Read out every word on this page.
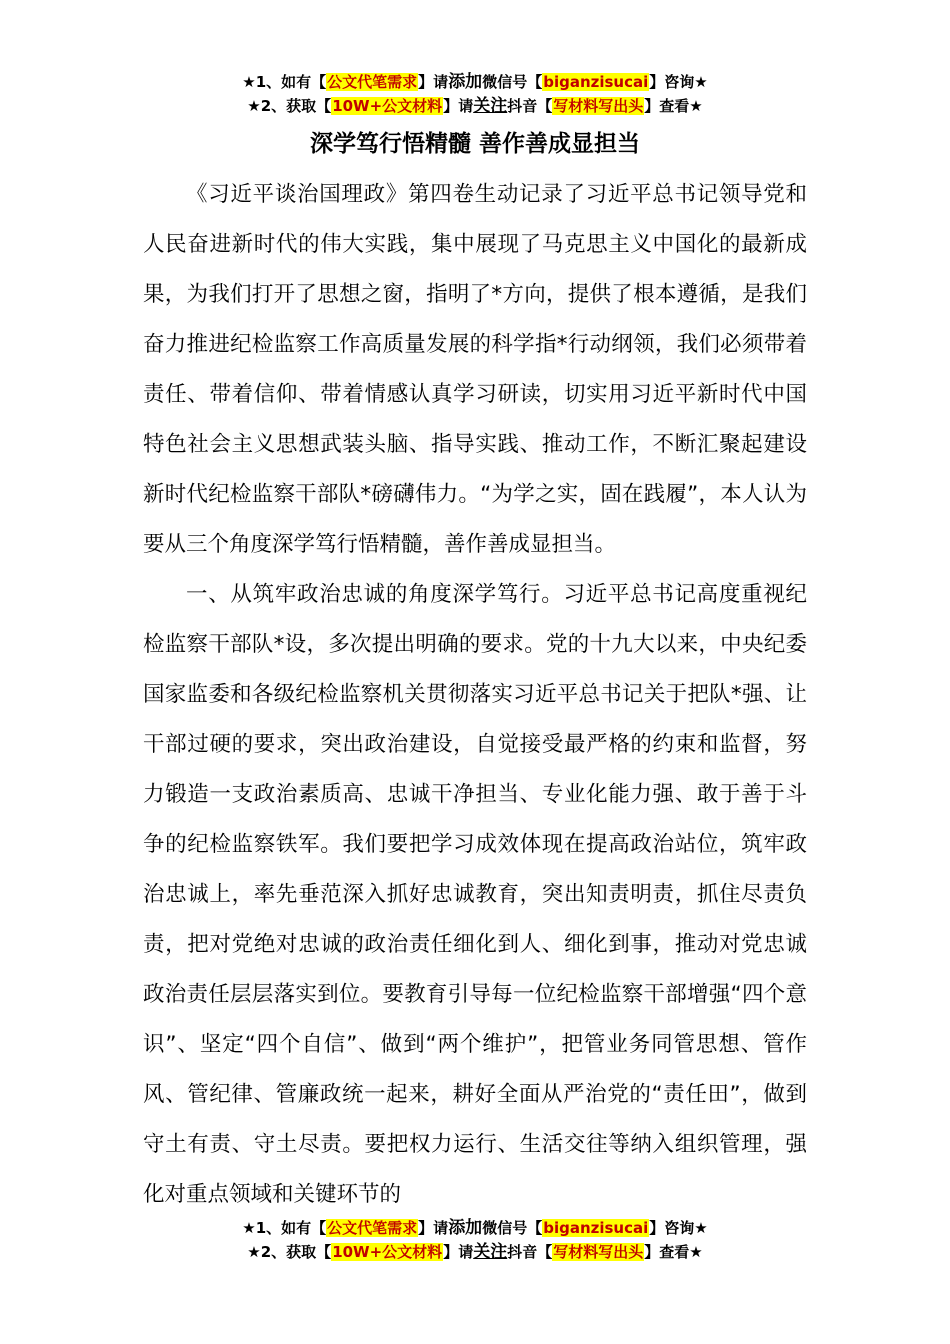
★1、如有【公文代笔需求】请添加微信号【biganzisucai】咨询★
★2、获取【10W+公文材料】请关注抖音【写材料写出头】查看★
深学笃行悟精髓 善作善成显担当

《习近平谈治国理政》第四卷生动记录了习近平总书记领导党和人民奋进新时代的伟大实践，集中展现了马克思主义中国化的最新成果，为我们打开了思想之窗，指明了*方向，提供了根本遵循，是我们奋力推进纪检监察工作高质量发展的科学指*行动纲领，我们必须带着责任、带着信仰、带着情感认真学习研读，切实用习近平新时代中国特色社会主义思想武装头脑、指导实践、推动工作，不断汇聚起建设新时代纪检监察干部队*磅礴伟力。“为学之实，固在践履”，本人认为要从三个角度深学笃行悟精髓，善作善成显担当。

一、从筑牢政治忠诚的角度深学笃行。习近平总书记高度重视纪检监察干部队*设，多次提出明确的要求。党的十九大以来，中央纪委国家监委和各级纪检监察机关贯彻落实习近平总书记关于把队*强、让干部过硬的要求，突出政治建设，自觉接受最严格的约束和监督，努力锻造一支政治素质高、忠诚干净担当、专业化能力强、敢于善于斗争的纪检监察铁军。我们要把学习成效体现在提高政治站位，筑牢政治忠诚上，率先垂范深入抓好忠诚教育，突出知责明责，抓住尽责负责，把对党绝对忠诚的政治责任细化到人、细化到事，推动对党忠诚政治责任层层落实到位。要教育引导每一位纪检监察干部增强“四个意识”、坚定“四个自信”、做到“两个维护”，把管业务同管思想、管作风、管纪律、管廉政统一起来，耕好全面从严治党的“责任田”，做到守土有责、守土尽责。要把权力运行、生活交往等纳入组织管理，强化对重点领域和关键环节的

★1、如有【公文代笔需求】请添加微信号【biganzisucai】咨询★
★2、获取【10W+公文材料】请关注抖音【写材料写出头】查看★
